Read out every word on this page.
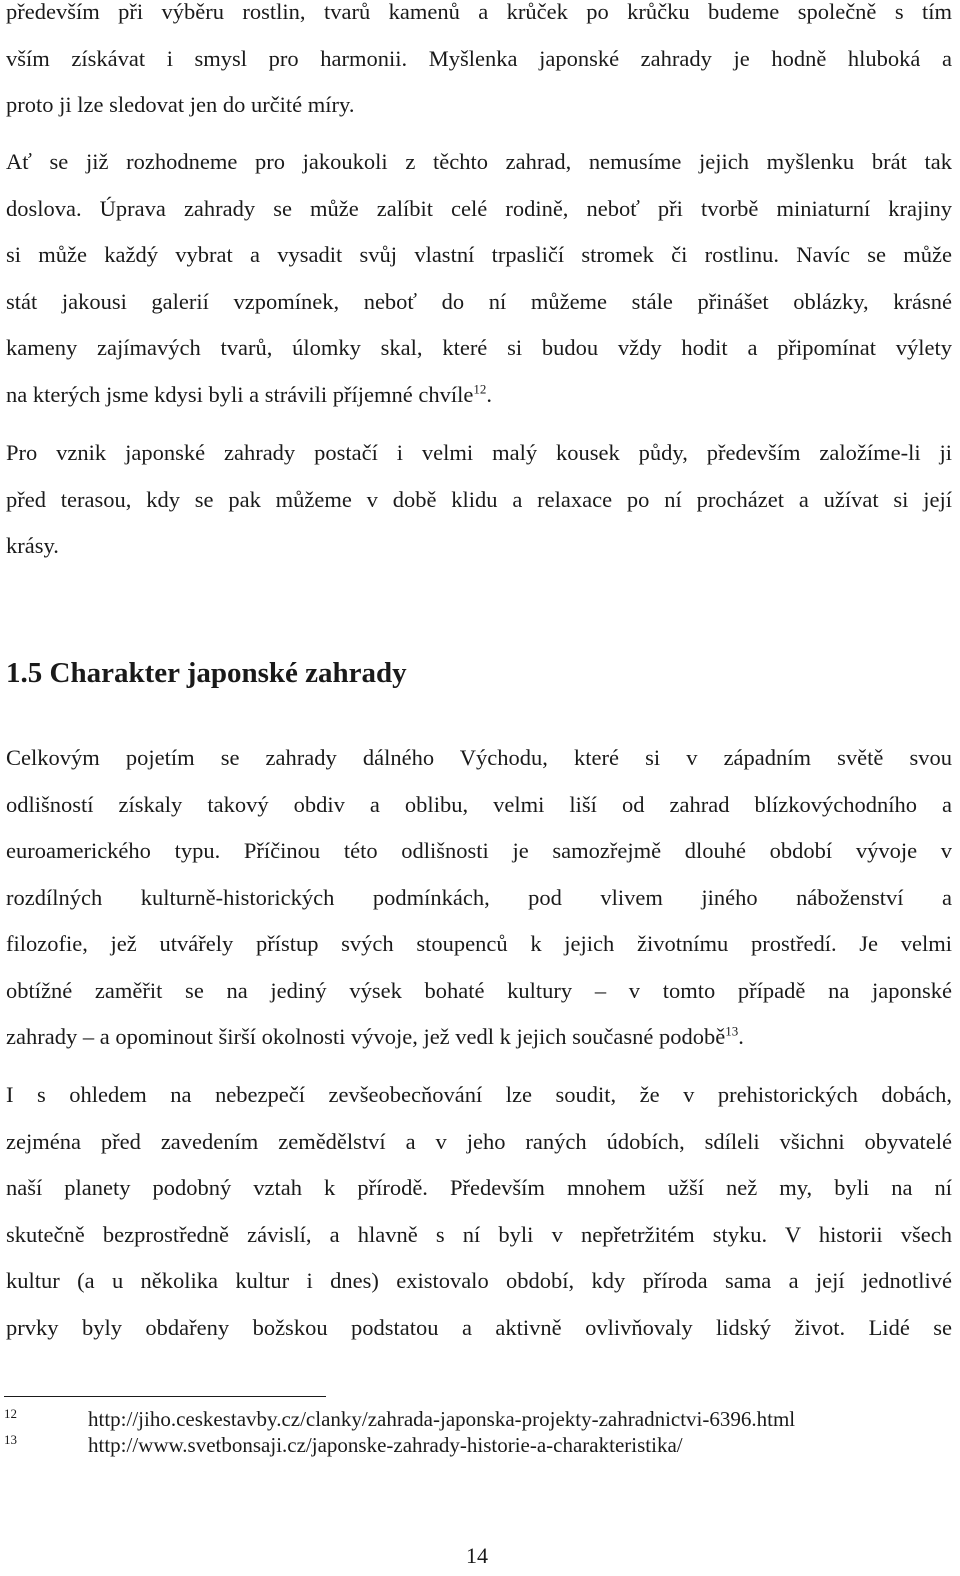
především při výběru rostlin, tvarů kamenů a krůček po krůčku budeme společně s tím
vším získávat i smysl pro harmonii. Myšlenka japonské zahrady je hodně hluboká a
proto ji lze sledovat jen do určité míry.

Ať se již rozhodneme pro jakoukoli z těchto zahrad, nemusíme jejich myšlenku brát tak
doslova. Úprava zahrady se může zalíbit celé rodině, neboť při tvorbě miniaturní krajiny
si může každý vybrat a vysadit svůj vlastní trpasličí stromek či rostlinu. Navíc se může
stát jakousi galerií vzpomínek, neboť do ní můžeme stále přinášet oblázky, krásné
kameny zajímavých tvarů, úlomky skal, které si budou vždy hodit a připomínat výlety
na kterých jsme kdysi byli a strávili příjemné chvíle$^{12}$.

Pro vznik japonské zahrady postačí i velmi malý kousek půdy, především založíme-li ji
před terasou, kdy se pak můžeme v době klidu a relaxace po ní procházet a užívat si její
krásy.

1.5 Charakter japonské zahrady

Celkovým pojetím se zahrady dálného Východu, které si v západním světě svou
odlišností získaly takový obdiv a oblibu, velmi liší od zahrad blízkovýchodního a
euroamerického typu. Příčinou této odlišnosti je samozřejmě dlouhé období vývoje v
rozdílných kulturně-historických podmínkách, pod vlivem jiného náboženství a
filozofie, jež utvářely přístup svých stoupenců k jejich životnímu prostředí. Je velmi
obtížné zaměřit se na jediný výsek bohaté kultury – v tomto případě na japonské
zahrady – a opominout širší okolnosti vývoje, jež vedl k jejich současné podobě$^{13}$.

I s ohledem na nebezpečí zevšeobecňování lze soudit, že v prehistorických dobách,
zejména před zavedením zemědělství a v jeho raných údobích, sdíleli všichni obyvatelé
naší planety podobný vztah k přírodě. Především mnohem užší než my, byli na ní
skutečně bezprostředně závislí, a hlavně s ní byli v nepřetržitém styku. V historii všech
kultur (a u několika kultur i dnes) existovalo období, kdy příroda sama a její jednotlivé
prvky byly obdařeny božskou podstatou a aktivně ovlivňovaly lidský život. Lidé se

12	http://jiho.ceskestavby.cz/clanky/zahrada-japonska-projekty-zahradnictvi-6396.html
13	http://www.svetbonsaji.cz/japonske-zahrady-historie-a-charakteristika/
14
